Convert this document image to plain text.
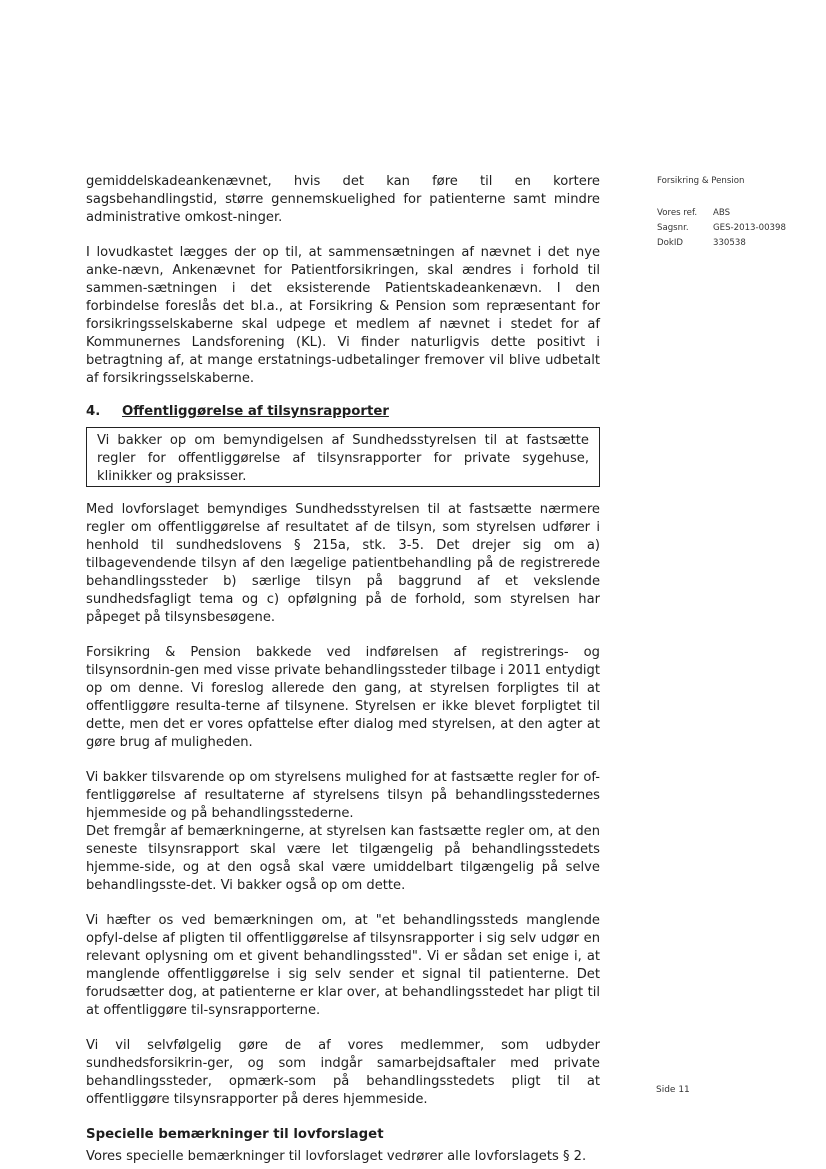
gemiddelskadeankenævnet, hvis det kan føre til en kortere sagsbehandlingstid, større gennemskuelighed for patienterne samt mindre administrative omkost-ninger.

I lovudkastet lægges der op til, at sammensætningen af nævnet i det nye anke-nævn, Ankenævnet for Patientforsikringen, skal ændres i forhold til sammen-sætningen i det eksisterende Patientskadeankenævn. I den forbindelse foreslås det bl.a., at Forsikring & Pension som repræsentant for forsikringsselskaberne skal udpege et medlem af nævnet i stedet for af Kommunernes Landsforening (KL). Vi finder naturligvis dette positivt i betragtning af, at mange erstatnings-udbetalinger fremover vil blive udbetalt af forsikringsselskaberne.

4.	Offentliggørelse af tilsynsrapporter

Vi bakker op om bemyndigelsen af Sundhedsstyrelsen til at fastsætte regler for offentliggørelse af tilsynsrapporter for private sygehuse, klinikker og praksisser.

Med lovforslaget bemyndiges Sundhedsstyrelsen til at fastsætte nærmere regler om offentliggørelse af resultatet af de tilsyn, som styrelsen udfører i henhold til sundhedslovens § 215a, stk. 3-5. Det drejer sig om a) tilbagevendende tilsyn af den lægelige patientbehandling på de registrerede behandlingssteder b) særlige tilsyn på baggrund af et vekslende sundhedsfagligt tema og c) opfølgning på de forhold, som styrelsen har påpeget på tilsynsbesøgene.

Forsikring & Pension bakkede ved indførelsen af registrerings- og tilsynsordnin-gen med visse private behandlingssteder tilbage i 2011 entydigt op om denne. Vi foreslog allerede den gang, at styrelsen forpligtes til at offentliggøre resulta-terne af tilsynene. Styrelsen er ikke blevet forpligtet til dette, men det er vores opfattelse efter dialog med styrelsen, at den agter at gøre brug af muligheden.

Vi bakker tilsvarende op om styrelsens mulighed for at fastsætte regler for of-fentliggørelse af resultaterne af styrelsens tilsyn på behandlingsstedernes hjemmeside og på behandlingsstederne.

Det fremgår af bemærkningerne, at styrelsen kan fastsætte regler om, at den seneste tilsynsrapport skal være let tilgængelig på behandlingsstedets hjemme-side, og at den også skal være umiddelbart tilgængelig på selve behandlingsste-det. Vi bakker også op om dette.

Vi hæfter os ved bemærkningen om, at "et behandlingssteds manglende opfyl-delse af pligten til offentliggørelse af tilsynsrapporter i sig selv udgør en relevant oplysning om et givent behandlingssted". Vi er sådan set enige i, at manglende offentliggørelse i sig selv sender et signal til patienterne. Det forudsætter dog, at patienterne er klar over, at behandlingsstedet har pligt til at offentliggøre til-synsrapporterne.

Vi vil selvfølgelig gøre de af vores medlemmer, som udbyder sundhedsforsikrin-ger, og som indgår samarbejdsaftaler med private behandlingssteder, opmærk-som på behandlingsstedets pligt til at offentliggøre tilsynsrapporter på deres hjemmeside.

Specielle bemærkninger til lovforslaget

Vores specielle bemærkninger til lovforslaget vedrører alle lovforslagets § 2.

Forsikring & Pension
Vores ref.	ABS
Sagsnr.	GES-2013-00398
DokID	330538
Side 11
